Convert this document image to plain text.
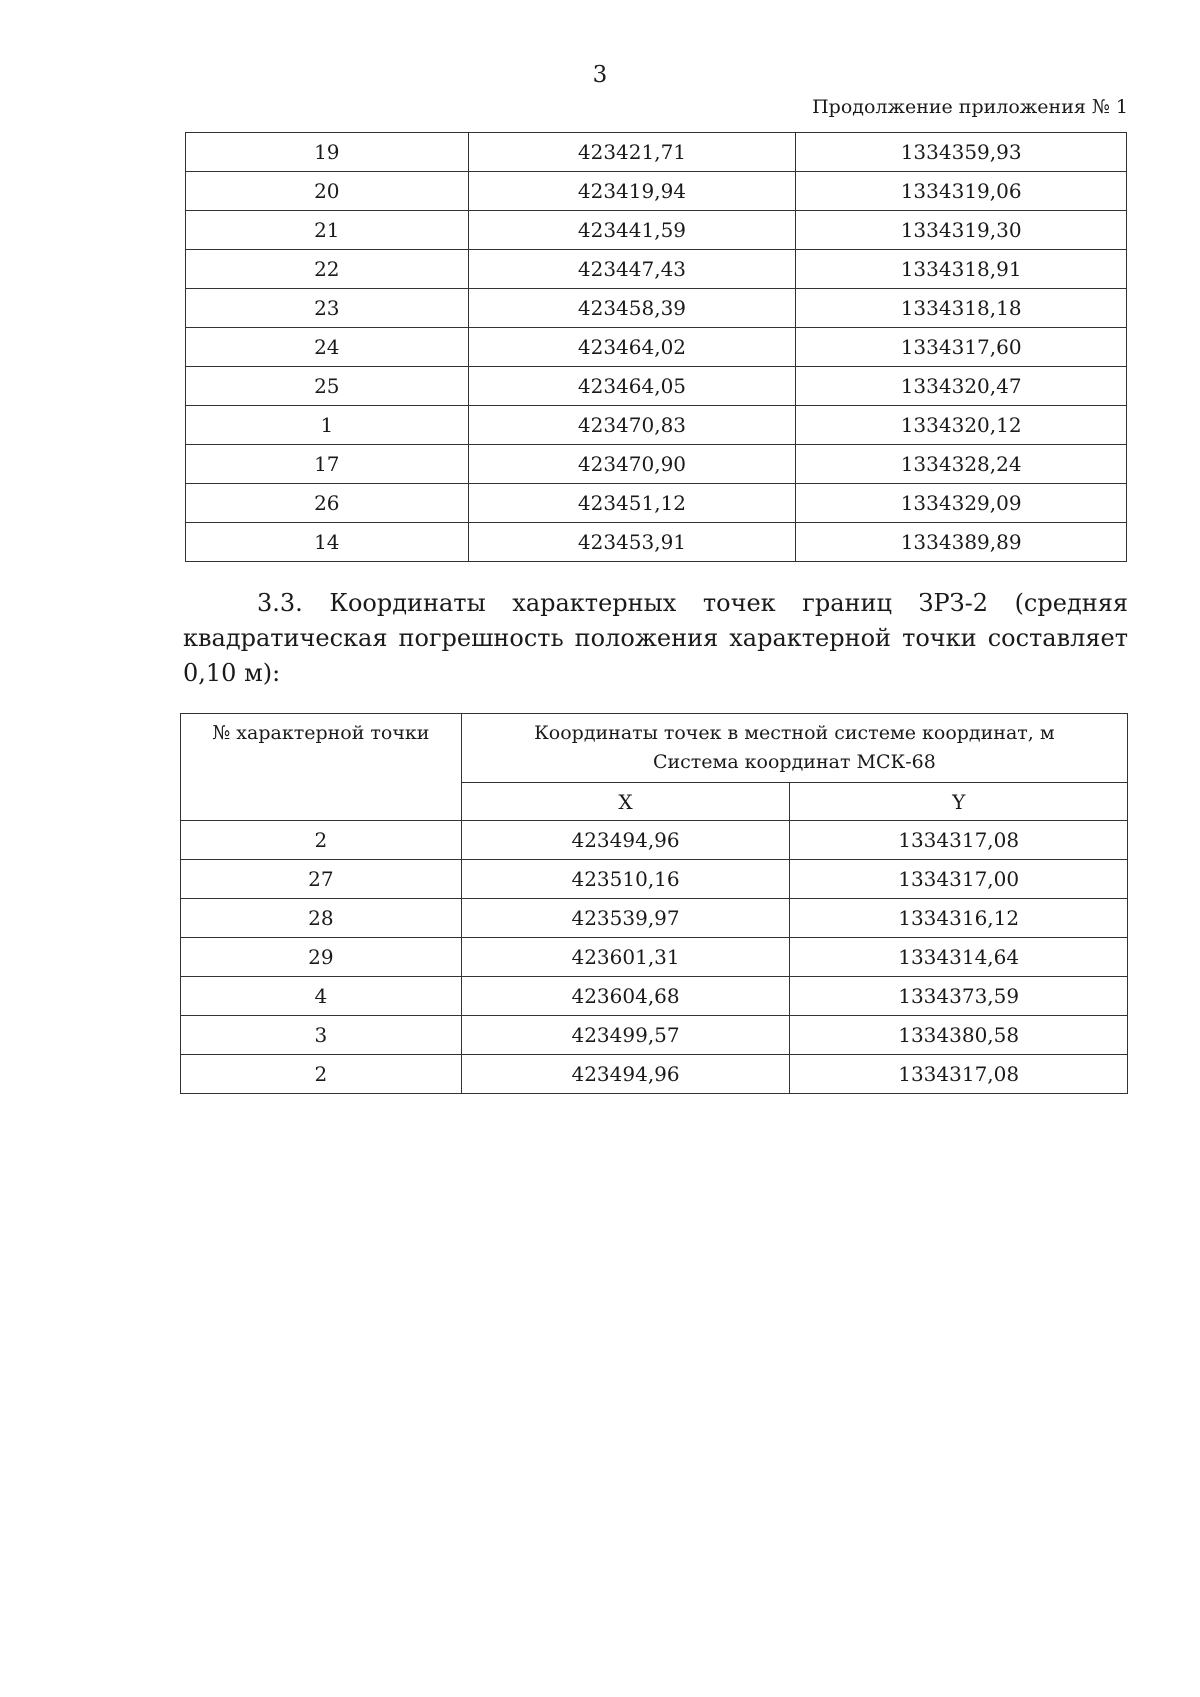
3
Продолжение приложения № 1
19	423421,71	1334359,93
20	423419,94	1334319,06
21	423441,59	1334319,30
22	423447,43	1334318,91
23	423458,39	1334318,18
24	423464,02	1334317,60
25	423464,05	1334320,47
1	423470,83	1334320,12
17	423470,90	1334328,24
26	423451,12	1334329,09
14	423453,91	1334389,89
3.3. Координаты характерных точек границ ЗРЗ-2 (средняя квадратическая погрешность положения характерной точки составляет 0,10 м):
№ характерной точки	Координаты точек в местной системе координат, м
Система координат МСК-68	

	X	Y
2	423494,96	1334317,08
27	423510,16	1334317,00
28	423539,97	1334316,12
29	423601,31	1334314,64
4	423604,68	1334373,59
3	423499,57	1334380,58
2	423494,96	1334317,08
